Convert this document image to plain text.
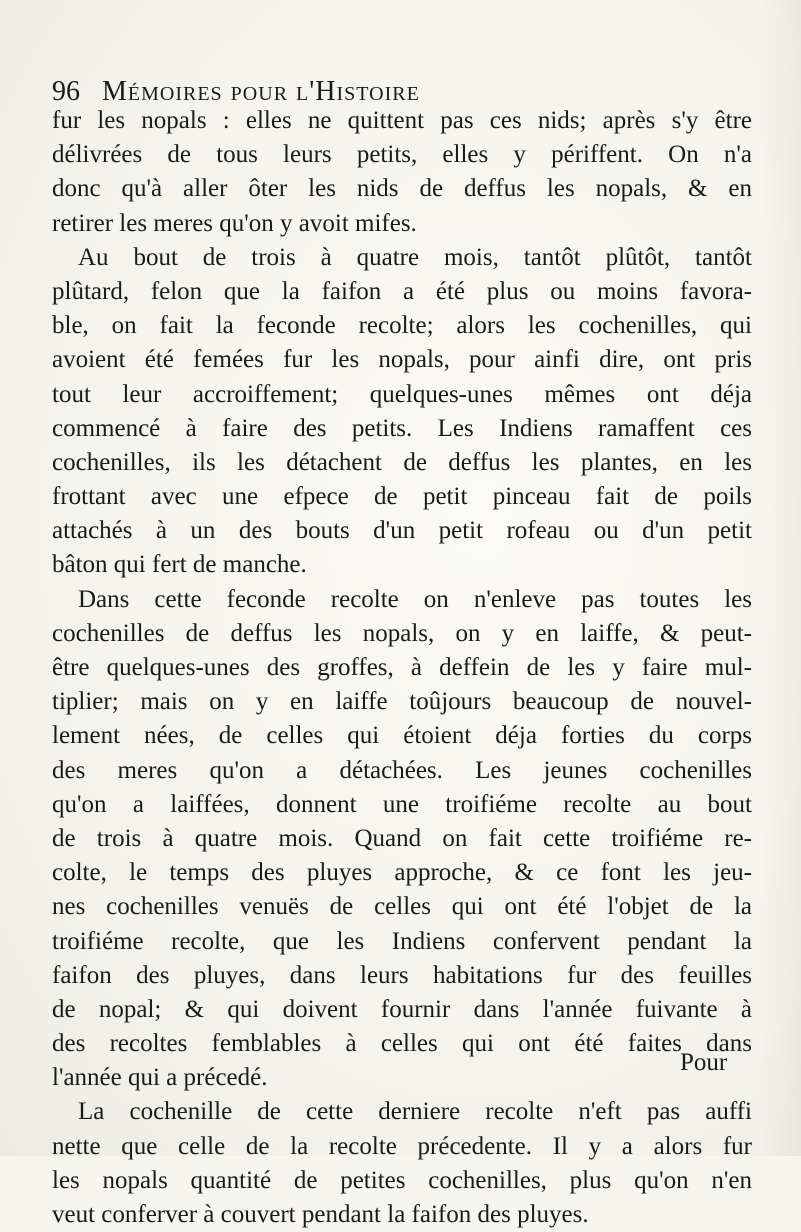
96 Mémoires pour l'Histoire
fur les nopals : elles ne quittent pas ces nids; après s'y être
délivrées de tous leurs petits, elles y périffent. On n'a
donc qu'à aller ôter les nids de deffus les nopals, & en
retirer les meres qu'on y avoit mifes.
Au bout de trois à quatre mois, tantôt plûtôt, tantôt
plûtard, felon que la faifon a été plus ou moins favora-
ble, on fait la feconde recolte; alors les cochenilles, qui
avoient été femées fur les nopals, pour ainfi dire, ont pris
tout leur accroiffement; quelques-unes mêmes ont déja
commencé à faire des petits. Les Indiens ramaffent ces
cochenilles, ils les détachent de deffus les plantes, en les
frottant avec une efpece de petit pinceau fait de poils
attachés à un des bouts d'un petit rofeau ou d'un petit
bâton qui fert de manche.
Dans cette feconde recolte on n'enleve pas toutes les
cochenilles de deffus les nopals, on y en laiffe, & peut-
être quelques-unes des groffes, à deffein de les y faire mul-
tiplier; mais on y en laiffe toûjours beaucoup de nouvel-
lement nées, de celles qui étoient déja forties du corps
des meres qu'on a détachées. Les jeunes cochenilles
qu'on a laiffées, donnent une troifiéme recolte au bout
de trois à quatre mois. Quand on fait cette troifiéme re-
colte, le temps des pluyes approche, & ce font les jeu-
nes cochenilles venuës de celles qui ont été l'objet de la
troifiéme recolte, que les Indiens confervent pendant la
faifon des pluyes, dans leurs habitations fur des feuilles
de nopal; & qui doivent fournir dans l'année fuivante à
des recoltes femblables à celles qui ont été faites dans
l'année qui a précedé.
La cochenille de cette derniere recolte n'eft pas auffi
nette que celle de la recolte précedente. Il y a alors fur
les nopals quantité de petites cochenilles, plus qu'on n'en
veut conferver à couvert pendant la faifon des pluyes.
Pour
